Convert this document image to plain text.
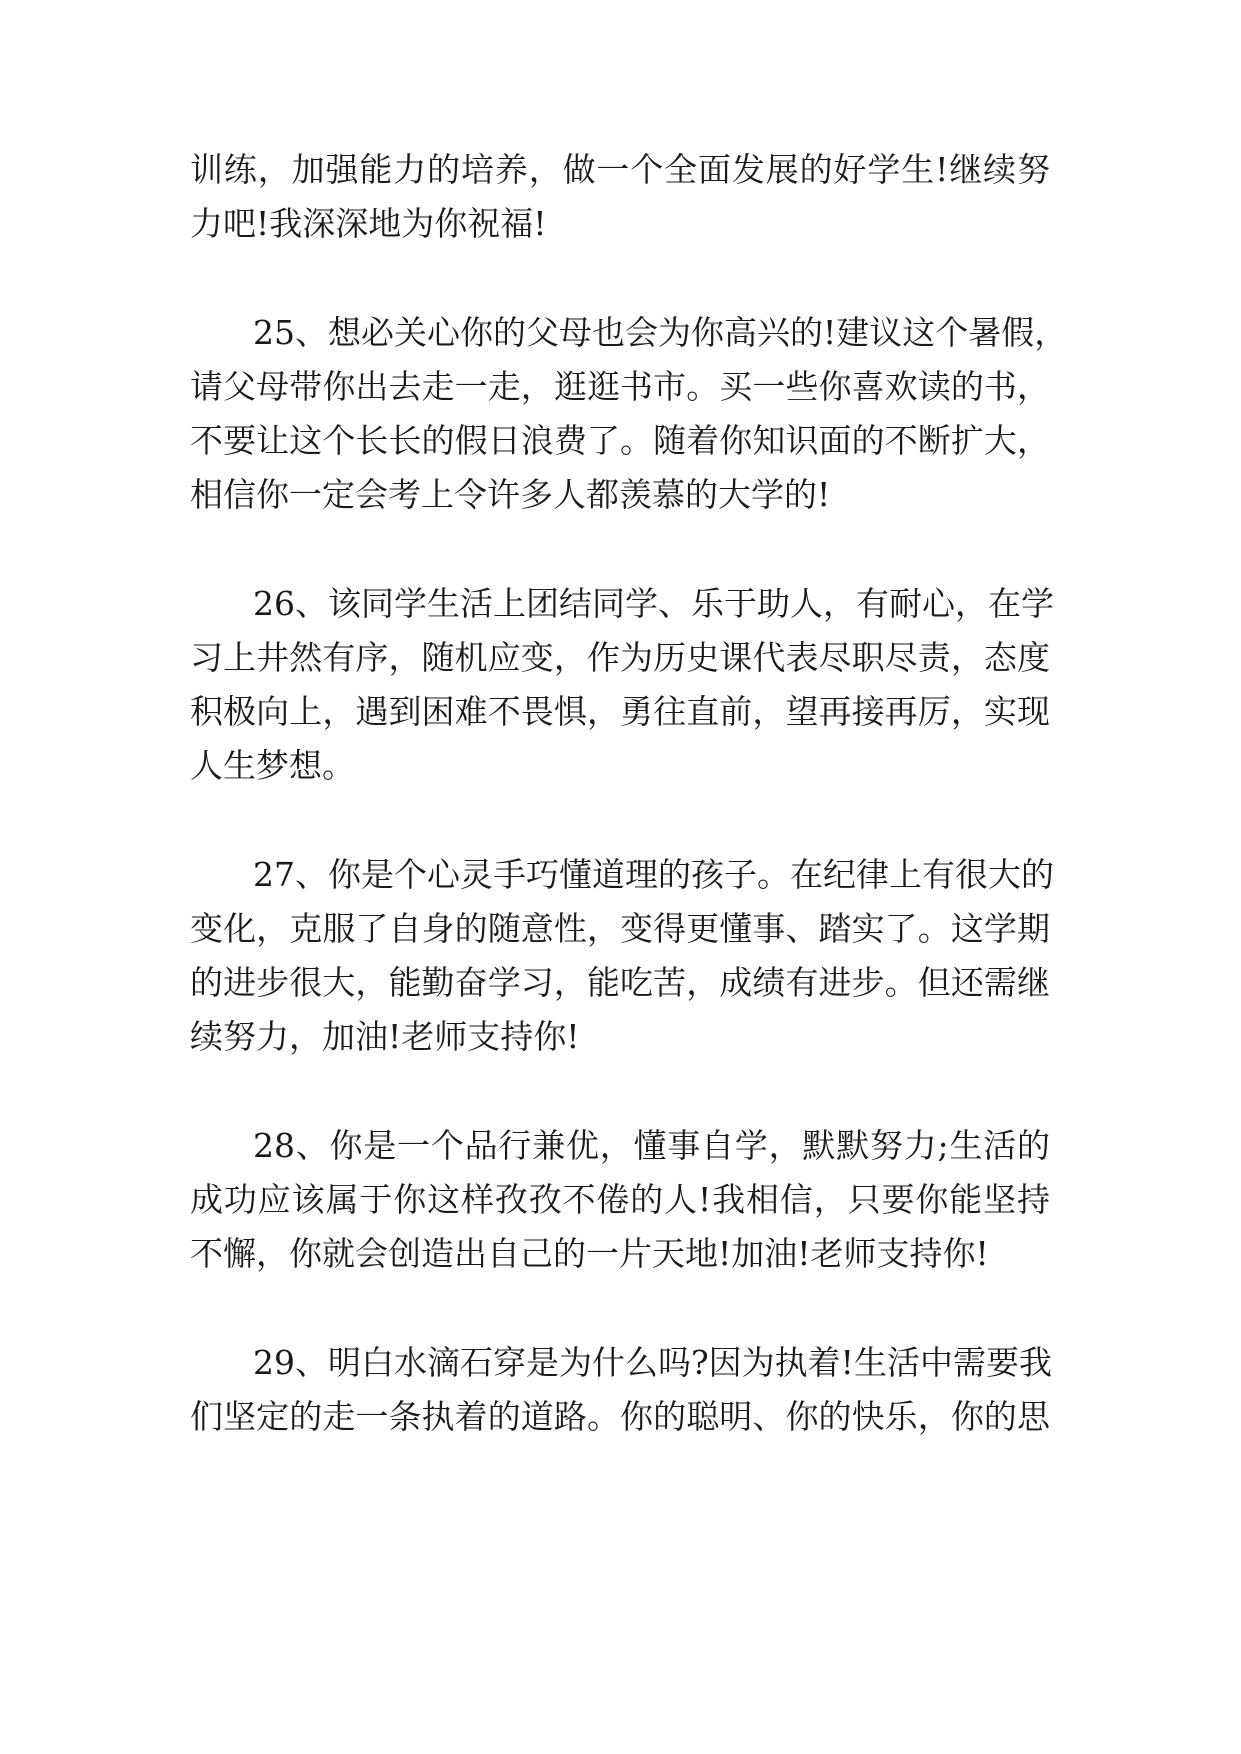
训练，加强能力的培养，做一个全面发展的好学生!继续努
力吧!我深深地为你祝福!
25、想必关心你的父母也会为你高兴的!建议这个暑假，
请父母带你出去走一走，逛逛书市。买一些你喜欢读的书，
不要让这个长长的假日浪费了。随着你知识面的不断扩大，
相信你一定会考上令许多人都羡慕的大学的!
26、该同学生活上团结同学、乐于助人，有耐心，在学
习上井然有序，随机应变，作为历史课代表尽职尽责，态度
积极向上，遇到困难不畏惧，勇往直前，望再接再厉，实现
人生梦想。
27、你是个心灵手巧懂道理的孩子。在纪律上有很大的
变化，克服了自身的随意性，变得更懂事、踏实了。这学期
的进步很大，能勤奋学习，能吃苦，成绩有进步。但还需继
续努力，加油!老师支持你!
28、你是一个品行兼优，懂事自学，默默努力;生活的
成功应该属于你这样孜孜不倦的人!我相信，只要你能坚持
不懈，你就会创造出自己的一片天地!加油!老师支持你!
29、明白水滴石穿是为什么吗?因为执着!生活中需要我
们坚定的走一条执着的道路。你的聪明、你的快乐，你的思
